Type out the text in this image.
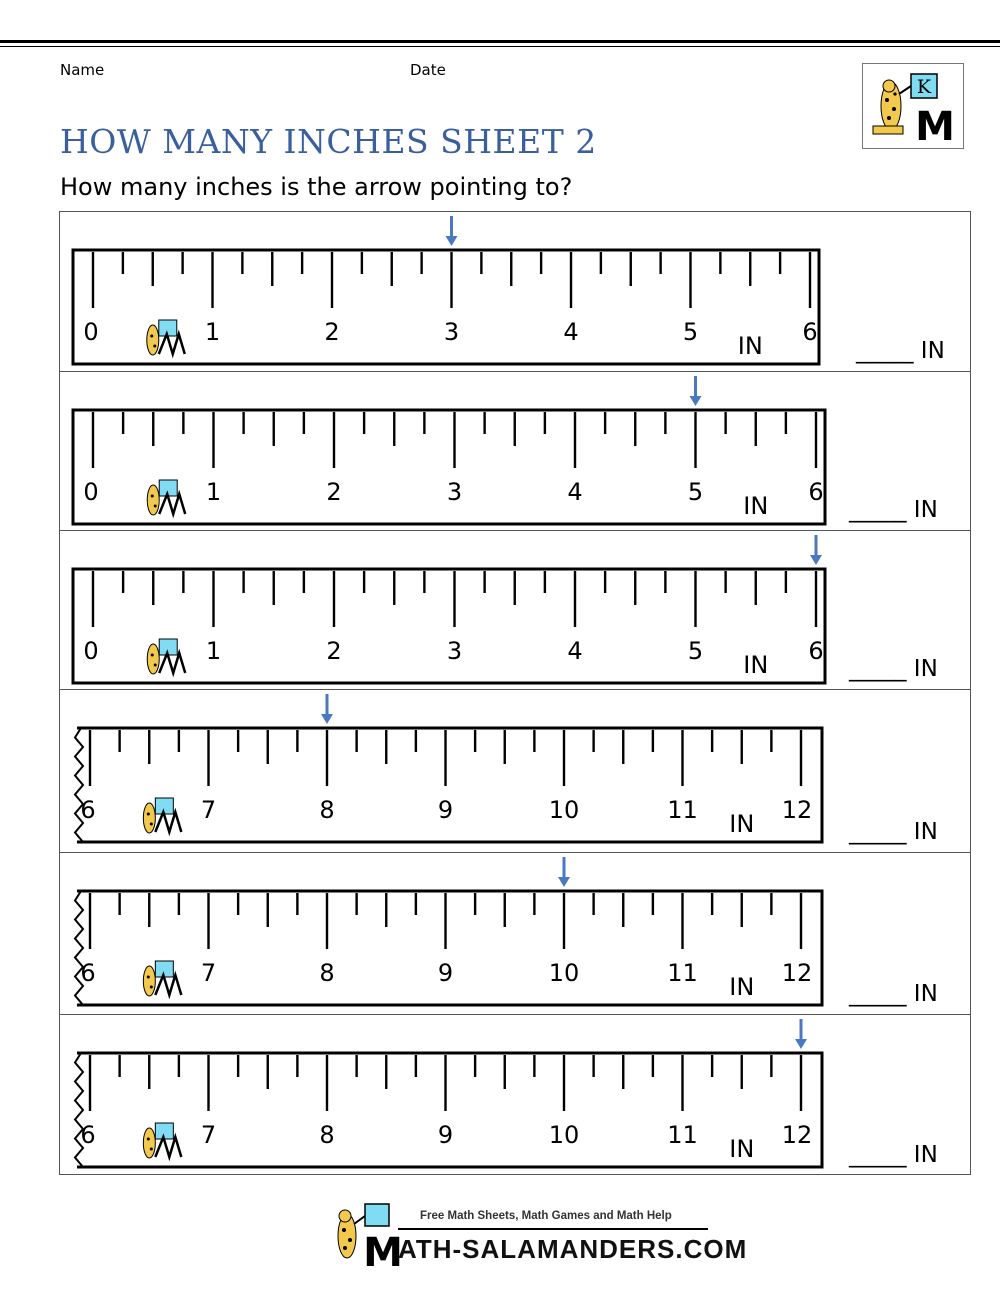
Name	Date
K
M
HOW MANY INCHES SHEET 2
How many inches is the arrow pointing to?
0	1	2	3	4	5	6
IN	_____ IN
0	1	2	3	4	5	6
IN	_____ IN
0	1	2	3	4	5	6
IN	_____ IN
6	7	8	9	10	11	12
IN	_____ IN
6	7	8	9	10	11	12
IN	_____ IN
6	7	8	9	10	11	12
IN	_____ IN
M
Free Math Sheets, Math Games and Math Help
ATH-SALAMANDERS.COM
